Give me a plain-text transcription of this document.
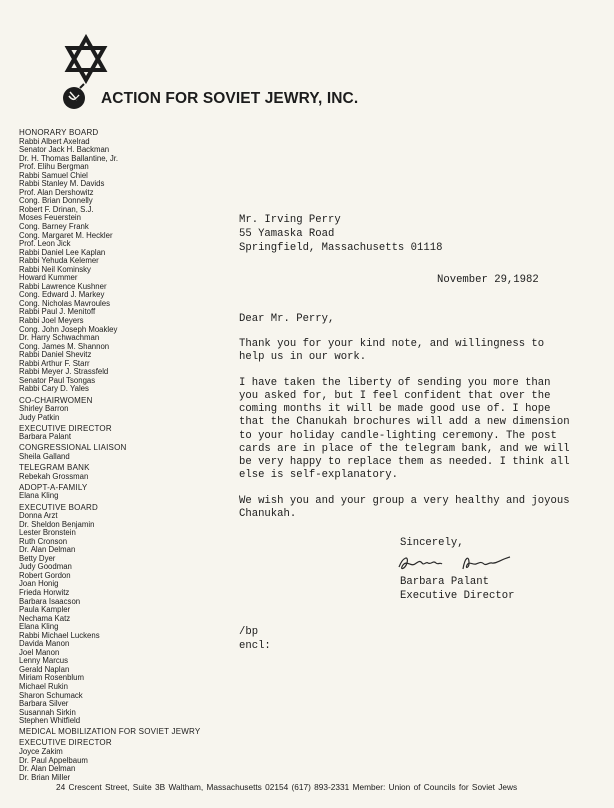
ACTION FOR SOVIET JEWRY, INC.
HONORARY BOARD
Rabbi Albert Axelrad
Senator Jack H. Backman
Dr. H. Thomas Ballantine, Jr.
Prof. Elihu Bergman
Rabbi Samuel Chiel
Rabbi Stanley M. Davids
Prof. Alan Dershowitz
Cong. Brian Donnelly
Robert F. Drinan, S.J.
Moses Feuerstein
Cong. Barney Frank
Cong. Margaret M. Heckler
Prof. Leon Jick
Rabbi Daniel Lee Kaplan
Rabbi Yehuda Kelemer
Rabbi Neil Kominsky
Howard Kummer
Rabbi Lawrence Kushner
Cong. Edward J. Markey
Cong. Nicholas Mavroules
Rabbi Paul J. Menitoff
Rabbi Joel Meyers
Cong. John Joseph Moakley
Dr. Harry Schwachman
Cong. James M. Shannon
Rabbi Daniel Shevitz
Rabbi Arthur F. Starr
Rabbi Meyer J. Strassfeld
Senator Paul Tsongas
Rabbi Cary D. Yales
CO-CHAIRWOMEN
Shirley Barron
Judy Patkin
EXECUTIVE DIRECTOR
Barbara Palant
CONGRESSIONAL LIAISON
Sheila Galland
TELEGRAM BANK
Rebekah Grossman
ADOPT-A-FAMILY
Elana Kling
EXECUTIVE BOARD
Donna Arzt
Dr. Sheldon Benjamin
Lester Bronstein
Ruth Cronson
Dr. Alan Delman
Betty Dyer
Judy Goodman
Robert Gordon
Joan Honig
Frieda Horwitz
Barbara Isaacson
Paula Kampler
Nechama Katz
Elana Kling
Rabbi Michael Luckens
Davida Manon
Joel Manon
Lenny Marcus
Gerald Naplan
Miriam Rosenblum
Michael Rukin
Sharon Schumack
Barbara Silver
Susannah Sirkin
Stephen Whitfield
MEDICAL MOBILIZATION FOR SOVIET JEWRY
EXECUTIVE DIRECTOR
Joyce Zakim
Dr. Paul Appelbaum
Dr. Alan Delman
Dr. Brian Miller
Mr. Irving Perry
55 Yamaska Road
Springfield, Massachusetts 01118
November 29,1982
Dear Mr. Perry,

Thank you for your kind note, and willingness to
help us in our work.

I have taken the liberty of sending you more than
you asked for, but I feel confident that over the
coming months it will be made good use of. I hope
that the Chanukah brochures will add a new dimension
to your holiday candle-lighting ceremony. The post
cards are in place of the telegram bank, and we will
be very happy to replace them as needed. I think all
else is self-explanatory.

We wish you and your group a very healthy and joyous
Chanukah.

Sincerely,
Barbara Palant
Executive Director
/bp
encl:
24 Crescent Street, Suite 3B Waltham, Massachusetts 02154 (617) 893-2331 Member: Union of Councils for Soviet Jews
